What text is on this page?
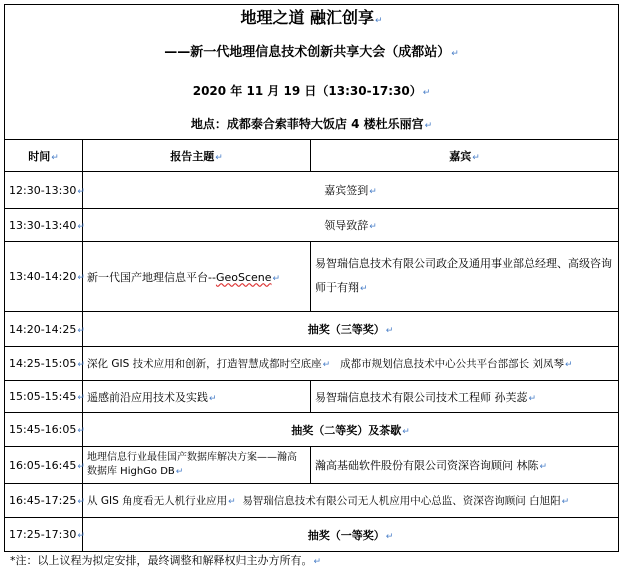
地理之道 融汇创享↵
——新一代地理信息技术创新共享大会（成都站）↵
2020 年 11 月 19 日（13:30-17:30）↵
地点：成都泰合索菲特大饭店 4 楼杜乐丽宫↵		

时间↵	报告主题↵	嘉宾↵
12:30-13:30↵	嘉宾签到↵	
13:30-13:40↵	领导致辞↵	
13:40-14:20↵	新一代国产地理信息平台--GeoScene↵	易智瑞信息技术有限公司政企及通用事业部总经理、高级咨询师于有翔↵
14:20-14:25↵	抽奖（三等奖）↵	
14:25-15:05↵	深化 GIS 技术应用和创新，打造智慧成都时空底座↵ 成都市规划信息技术中心公共平台部部长 刘凤琴↵	
15:05-15:45↵	遥感前沿应用技术及实践↵	易智瑞信息技术有限公司技术工程师 孙芙蕊↵
15:45-16:05↵	抽奖（二等奖）及茶歇↵	
16:05-16:45↵	地理信息行业最佳国产数据库解决方案——瀚高数据库 HighGo DB↵	瀚高基础软件股份有限公司资深咨询顾问 林陈↵
16:45-17:25↵	从 GIS 角度看无人机行业应用↵ 易智瑞信息技术有限公司无人机应用中心总监、资深咨询顾问 白旭阳↵	
17:25-17:30↵	抽奖（一等奖）↵	
*注：以上议程为拟定安排，最终调整和解释权归主办方所有。↵
